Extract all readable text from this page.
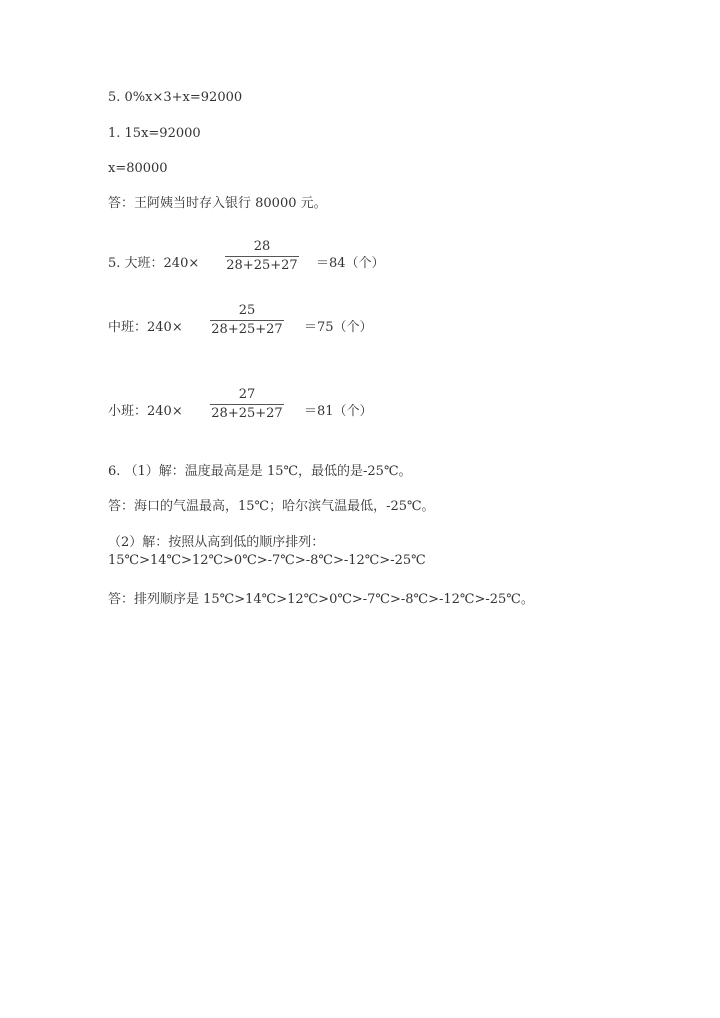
5. 0%x×3+x=92000
1. 15x=92000
x=80000
答：王阿姨当时存入银行 80000 元。
5. 大班：240×
28
28+25+27 ＝84（个）
中班：240×
25
28+25+27 ＝75（个）
小班：240×
27
28+25+27 ＝81（个）
6. （1）解：温度最高是是 15℃，最低的是-25℃。
答：海口的气温最高，15℃；哈尔滨气温最低，-25℃。
（2）解：按照从高到低的顺序排列：15℃>14℃>12℃>0℃>-7℃>-8℃>-12℃>-25℃
答：排列顺序是 15℃>14℃>12℃>0℃>-7℃>-8℃>-12℃>-25℃。
